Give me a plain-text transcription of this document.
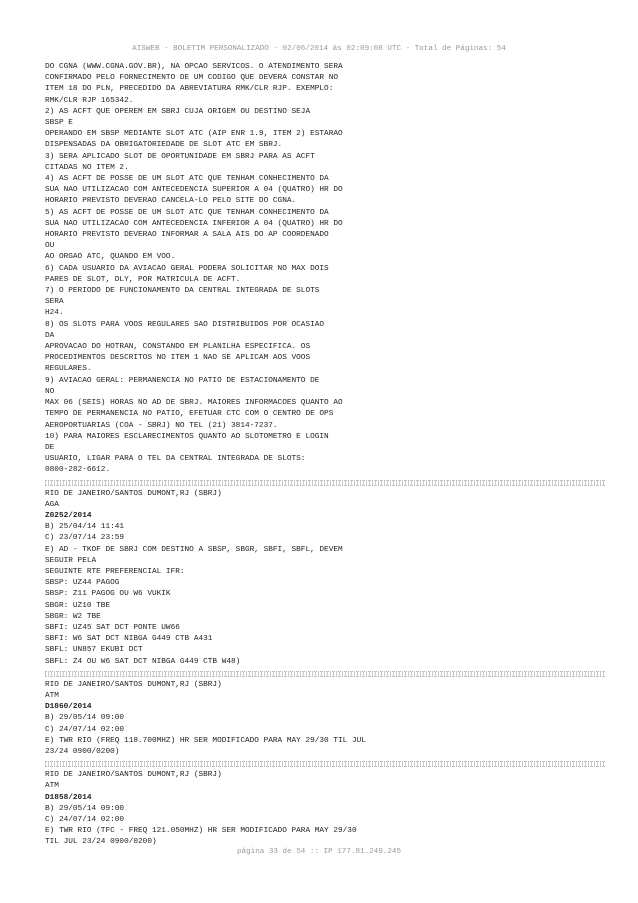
AISWEB - BOLETIM PERSONALIZADO - 02/06/2014 às 02:09:08 UTC - Total de Páginas: 54
DO CGNA (WWW.CGNA.GOV.BR), NA OPCAO SERVICOS. O ATENDIMENTO SERA
CONFIRMADO PELO FORNECIMENTO DE UM CODIGO QUE DEVERA CONSTAR NO
ITEM 18 DO PLN, PRECEDIDO DA ABREVIATURA RMK/CLR RJP. EXEMPLO:
RMK/CLR RJP 165342.
2) AS ACFT QUE OPEREM EM SBRJ CUJA ORIGEM OU DESTINO SEJA
SBSP E
OPERANDO EM SBSP MEDIANTE SLOT ATC (AIP ENR 1.9, ITEM 2) ESTARAO
DISPENSADAS DA OBRIGATORIEDADE DE SLOT ATC EM SBRJ.
3) SERA APLICADO SLOT DE OPORTUNIDADE EM SBRJ PARA AS ACFT
CITADAS NO ITEM 2.
4) AS ACFT DE POSSE DE UM SLOT ATC QUE TENHAM CONHECIMENTO DA
SUA NAO UTILIZACAO COM ANTECEDENCIA SUPERIOR A 04 (QUATRO) HR DO
HORARIO PREVISTO DEVERAO CANCELA-LO PELO SITE DO CGNA.
5) AS ACFT DE POSSE DE UM SLOT ATC QUE TENHAM CONHECIMENTO DA
SUA NAO UTILIZACAO COM ANTECEDENCIA INFERIOR A 04 (QUATRO) HR DO
HORARIO PREVISTO DEVERAO INFORMAR A SALA AIS DO AP COORDENADO
OU
AO ORGAO ATC, QUANDO EM VOO.
6) CADA USUARIO DA AVIACAO GERAL PODERA SOLICITAR NO MAX DOIS
PARES DE SLOT, DLY, POR MATRICULA DE ACFT.
7) O PERIODO DE FUNCIONAMENTO DA CENTRAL INTEGRADA DE SLOTS
SERA
H24.
8) OS SLOTS PARA VOOS REGULARES SAO DISTRIBUIDOS POR OCASIAO
DA
APROVACAO DO HOTRAN, CONSTANDO EM PLANILHA ESPECIFICA. OS
PROCEDIMENTOS DESCRITOS NO ITEM 1 NAO SE APLICAM AOS VOOS
REGULARES.
9) AVIACAO GERAL: PERMANENCIA NO PATIO DE ESTACIONAMENTO DE
NO
MAX 06 (SEIS) HORAS NO AD DE SBRJ. MAIORES INFORMACOES QUANTO AO
TEMPO DE PERMANENCIA NO PATIO, EFETUAR CTC COM O CENTRO DE OPS
AEROPORTUARIAS (COA - SBRJ) NO TEL (21) 3814-7237.
10) PARA MAIORES ESCLARECIMENTOS QUANTO AO SLOTOMETRO E LOGIN
DE
USUARIO, LIGAR PARA O TEL DA CENTRAL INTEGRADA DE SLOTS:
0800-282-6612.
RIO DE JANEIRO/SANTOS DUMONT,RJ (SBRJ)
AGA
Z0252/2014
B) 25/04/14 11:41
C) 23/07/14 23:59
E) AD - TKOF DE SBRJ COM DESTINO A SBSP, SBGR, SBFI, SBFL, DEVEM
SEGUIR PELA
SEGUINTE RTE PREFERENCIAL IFR:
SBSP: UZ44 PAGOG
SBSP: Z11 PAGOG OU W6 VUKIK
SBGR: UZ10 TBE
SBGR: W2 TBE
SBFI: UZ45 SAT DCT PONTE UW66
SBFI: W6 SAT DCT NIBGA G449 CTB A431
SBFL: UN857 EKUBI DCT
SBFL: Z4 OU W6 SAT DCT NIBGA G449 CTB W48)
RIO DE JANEIRO/SANTOS DUMONT,RJ (SBRJ)
ATM
D1860/2014
B) 29/05/14 09:00
C) 24/07/14 02:00
E) TWR RIO (FREQ 118.700MHZ) HR SER MODIFICADO PARA MAY 29/30 TIL JUL
23/24 0900/0200)
RIO DE JANEIRO/SANTOS DUMONT,RJ (SBRJ)
ATM
D1858/2014
B) 29/05/14 09:00
C) 24/07/14 02:00
E) TWR RIO (TFC - FREQ 121.050MHZ) HR SER MODIFICADO PARA MAY 29/30
TIL JUL 23/24 0900/0200)
página 33 de 54 :: IP 177.81.249.245
